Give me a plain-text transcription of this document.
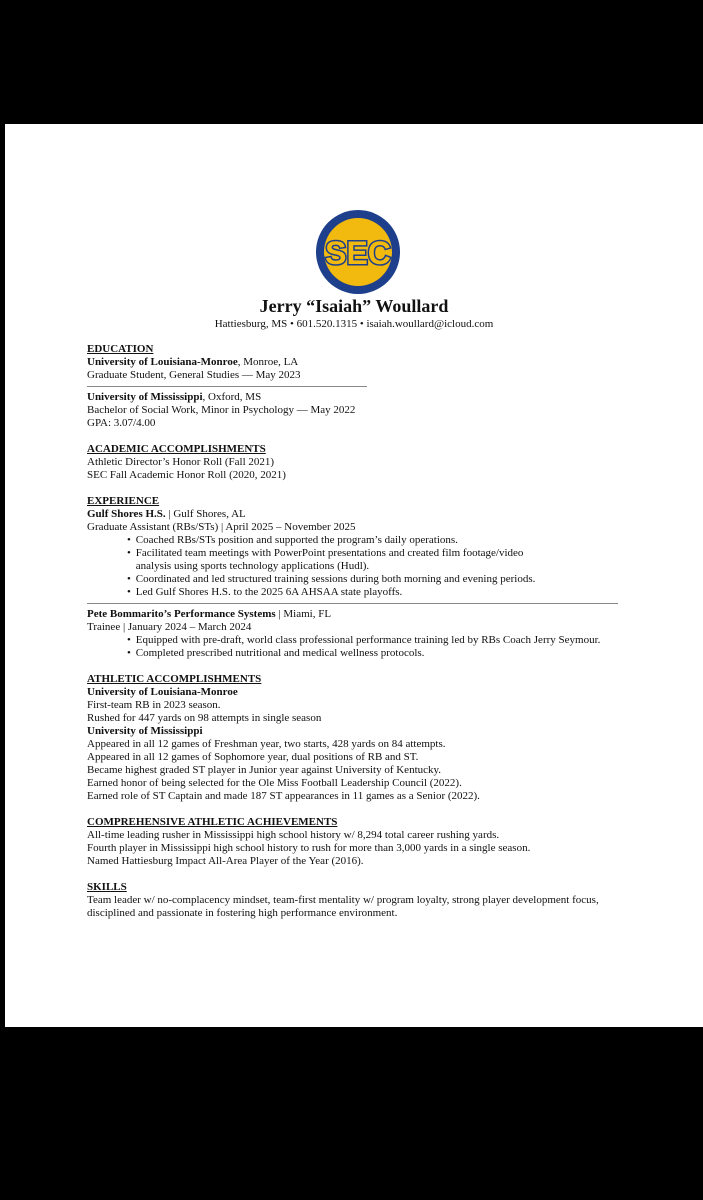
SEC
Jerry “Isaiah” Woullard
Hattiesburg, MS • 601.520.1315 • isaiah.woullard@icloud.com
EDUCATION
University of Louisiana-Monroe, Monroe, LA
Graduate Student, General Studies — May 2023
University of Mississippi, Oxford, MS
Bachelor of Social Work, Minor in Psychology — May 2022
GPA: 3.07/4.00
ACADEMIC ACCOMPLISHMENTS
Athletic Director’s Honor Roll (Fall 2021)
SEC Fall Academic Honor Roll (2020, 2021)
EXPERIENCE
Gulf Shores H.S. | Gulf Shores, AL
Graduate Assistant (RBs/STs) | April 2025 – November 2025
• Coached RBs/STs position and supported the program’s daily operations.
• Facilitated team meetings with PowerPoint presentations and created film footage/video
analysis using sports technology applications (Hudl).
• Coordinated and led structured training sessions during both morning and evening periods.
• Led Gulf Shores H.S. to the 2025 6A AHSAA state playoffs.
Pete Bommarito’s Performance Systems | Miami, FL
Trainee | January 2024 – March 2024
• Equipped with pre-draft, world class professional performance training led by RBs Coach Jerry Seymour.
• Completed prescribed nutritional and medical wellness protocols.
ATHLETIC ACCOMPLISHMENTS
University of Louisiana-Monroe
First-team RB in 2023 season.
Rushed for 447 yards on 98 attempts in single season
University of Mississippi
Appeared in all 12 games of Freshman year, two starts, 428 yards on 84 attempts.
Appeared in all 12 games of Sophomore year, dual positions of RB and ST.
Became highest graded ST player in Junior year against University of Kentucky.
Earned honor of being selected for the Ole Miss Football Leadership Council (2022).
Earned role of ST Captain and made 187 ST appearances in 11 games as a Senior (2022).
COMPREHENSIVE ATHLETIC ACHIEVEMENTS
All-time leading rusher in Mississippi high school history w/ 8,294 total career rushing yards.
Fourth player in Mississippi high school history to rush for more than 3,000 yards in a single season.
Named Hattiesburg Impact All-Area Player of the Year (2016).
SKILLS
Team leader w/ no-complacency mindset, team-first mentality w/ program loyalty, strong player development focus,
disciplined and passionate in fostering high performance environment.
